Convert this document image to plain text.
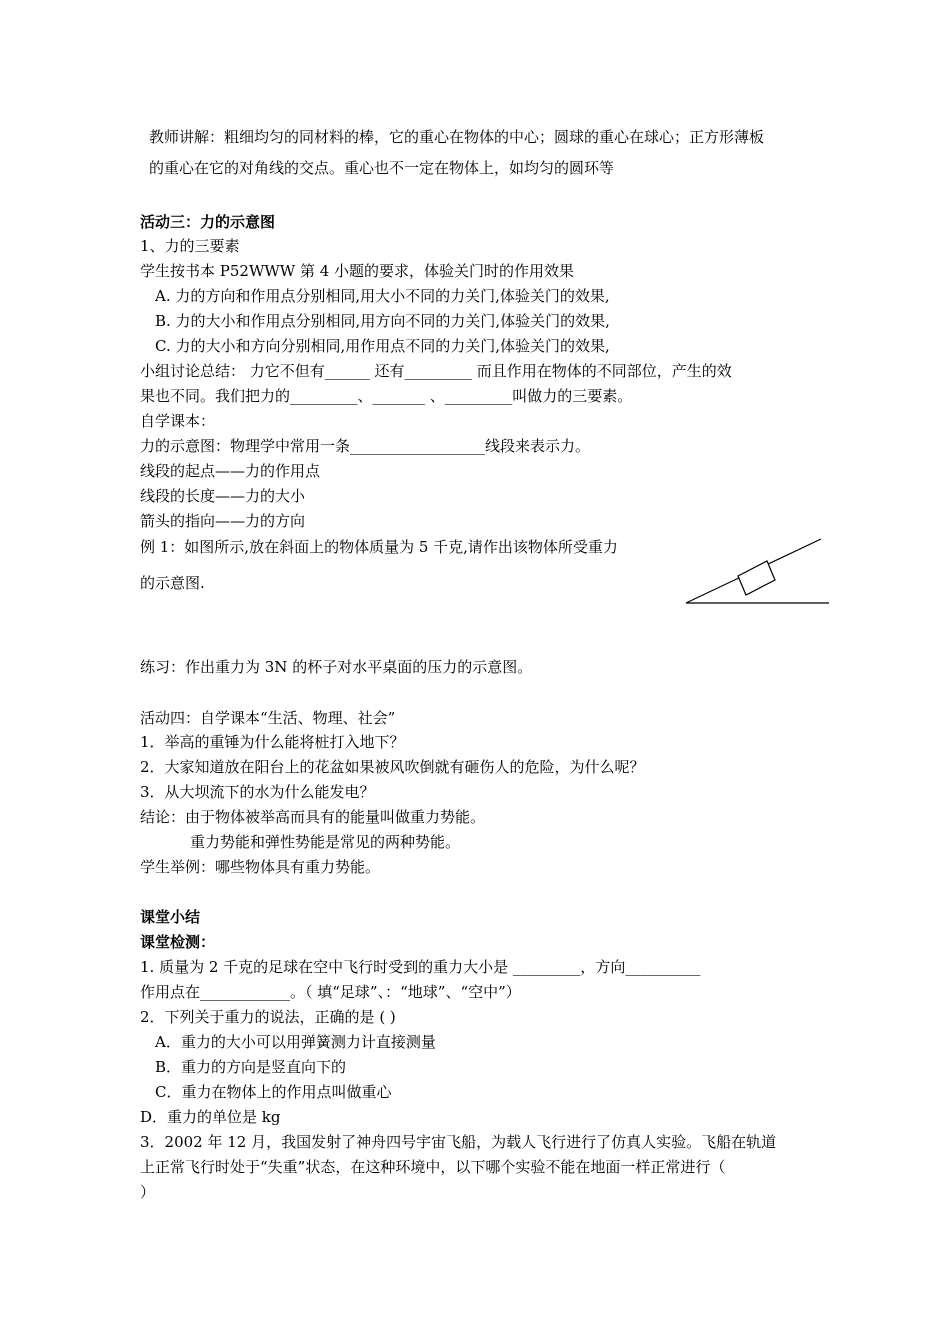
教师讲解：粗细均匀的同材料的棒，它的重心在物体的中心；圆球的重心在球心；正方形薄板
的重心在它的对角线的交点。重心也不一定在物体上，如均匀的圆环等
活动三：力的示意图
1、力的三要素
学生按书本 P52WWW 第 4 小题的要求，体验关门时的作用效果
A. 力的方向和作用点分别相同,用大小不同的力关门,体验关门的效果,
B. 力的大小和作用点分别相同,用方向不同的力关门,体验关门的效果,
C. 力的大小和方向分别相同,用作用点不同的力关门,体验关门的效果,
小组讨论总结： 力它不但有______ 还有_________ 而且作用在物体的不同部位，产生的效
果也不同。我们把力的_________、_______ 、_________叫做力的三要素。
自学课本：
力的示意图：物理学中常用一条__________________线段来表示力。
线段的起点——力的作用点
线段的长度——力的大小
箭头的指向——力的方向
例 1：如图所示,放在斜面上的物体质量为 5 千克,请作出该物体所受重力
的示意图.
练习：作出重力为 3N 的杯子对水平桌面的压力的示意图。
活动四：自学课本“生活、物理、社会”
1．举高的重锤为什么能将桩打入地下？
2．大家知道放在阳台上的花盆如果被风吹倒就有砸伤人的危险，为什么呢？
3．从大坝流下的水为什么能发电？
结论：由于物体被举高而具有的能量叫做重力势能。
重力势能和弹性势能是常见的两种势能。
学生举例：哪些物体具有重力势能。
课堂小结
课堂检测：
1. 质量为 2 千克的足球在空中飞行时受到的重力大小是 _________，方向__________
作用点在____________。（ 填“足球”、：“地球”、“空中”）
2．下列关于重力的说法，正确的是 ( )
A．重力的大小可以用弹簧测力计直接测量
B．重力的方向是竖直向下的
C．重力在物体上的作用点叫做重心
D．重力的单位是 kg
3．2002 年 12 月，我国发射了神舟四号宇宙飞船，为载人飞行进行了仿真人实验。飞船在轨道
上正常飞行时处于“失重”状态，在这种环境中，以下哪个实验不能在地面一样正常进行（
）
